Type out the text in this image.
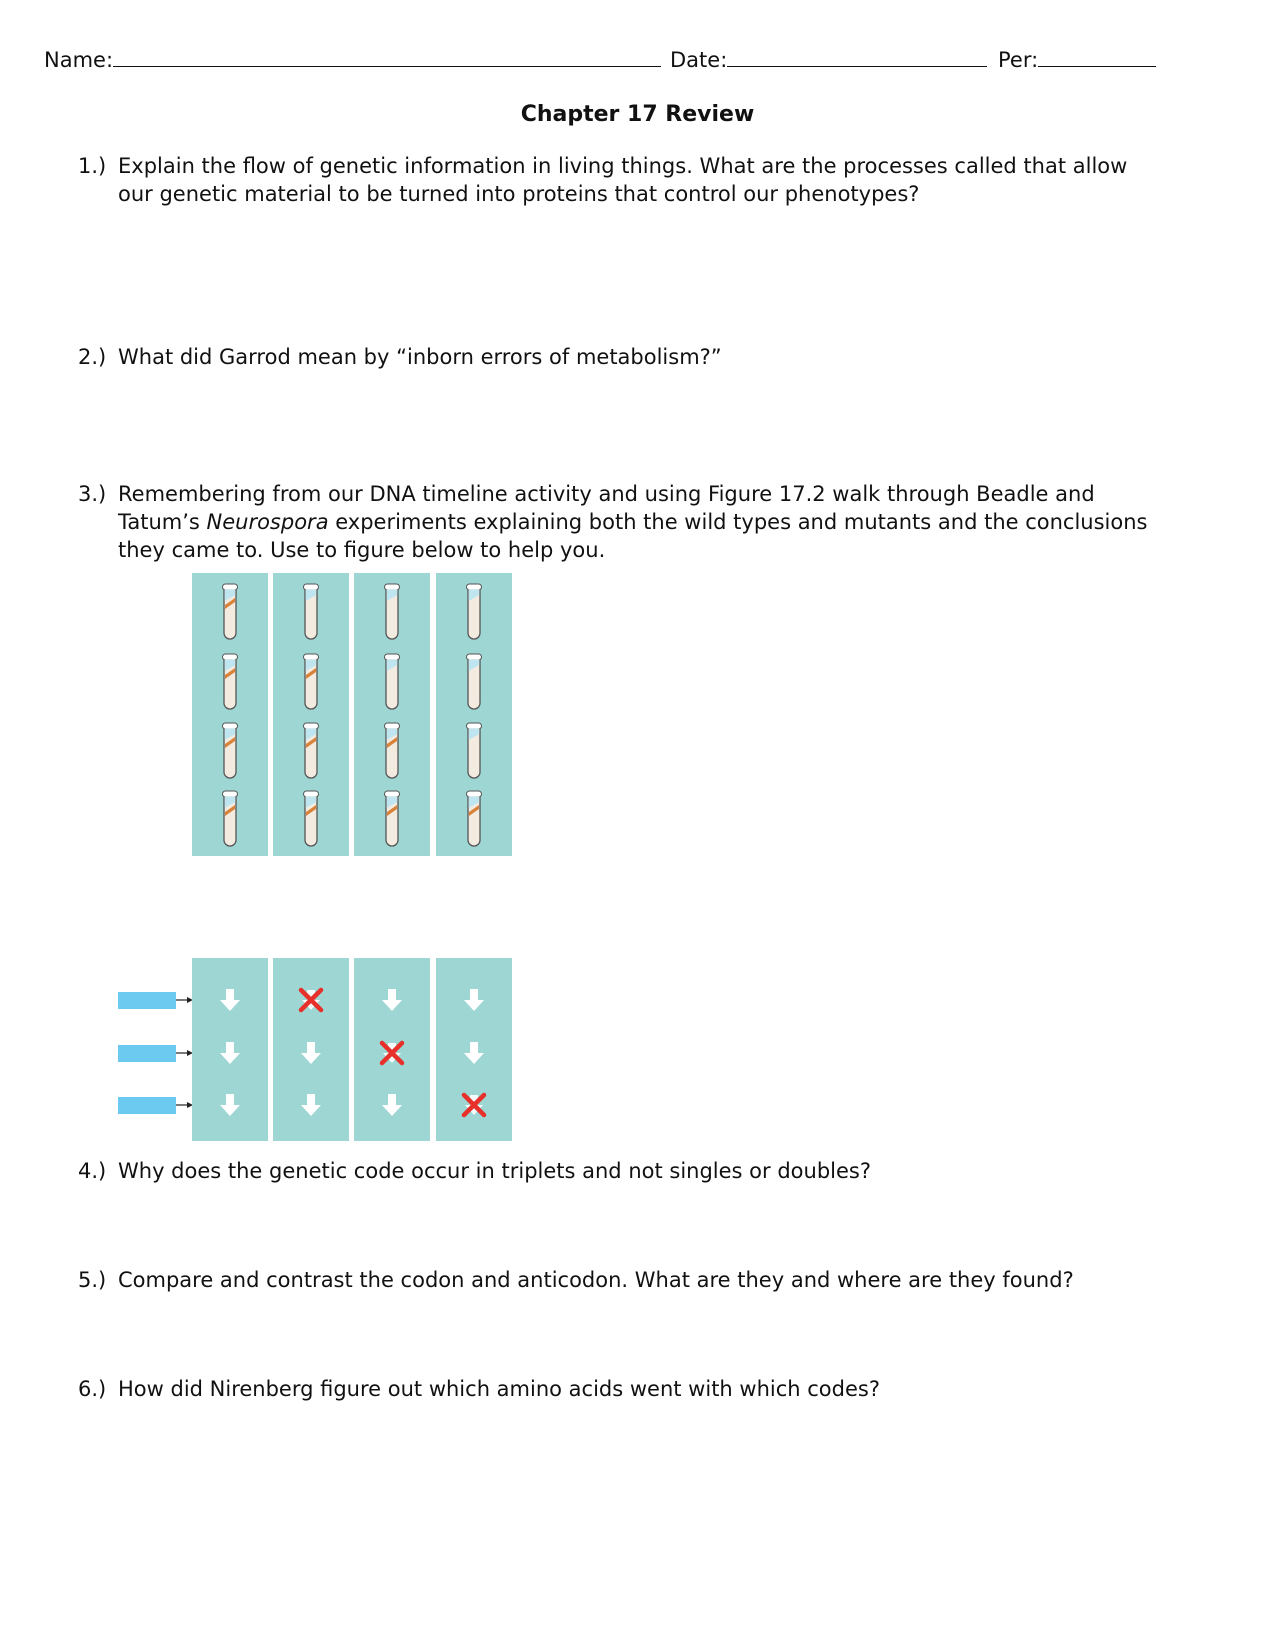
Name:	Date:	Per:
Chapter 17 Review
1.) Explain the flow of genetic information in living things. What are the processes called that allow our genetic material to be turned into proteins that control our phenotypes?
2.) What did Garrod mean by “inborn errors of metabolism?”
3.) Remembering from our DNA timeline activity and using Figure 17.2 walk through Beadle and Tatum’s Neurospora experiments explaining both the wild types and mutants and the conclusions they came to. Use to figure below to help you.
4.) Why does the genetic code occur in triplets and not singles or doubles?
5.) Compare and contrast the codon and anticodon. What are they and where are they found?
6.) How did Nirenberg figure out which amino acids went with which codes?
